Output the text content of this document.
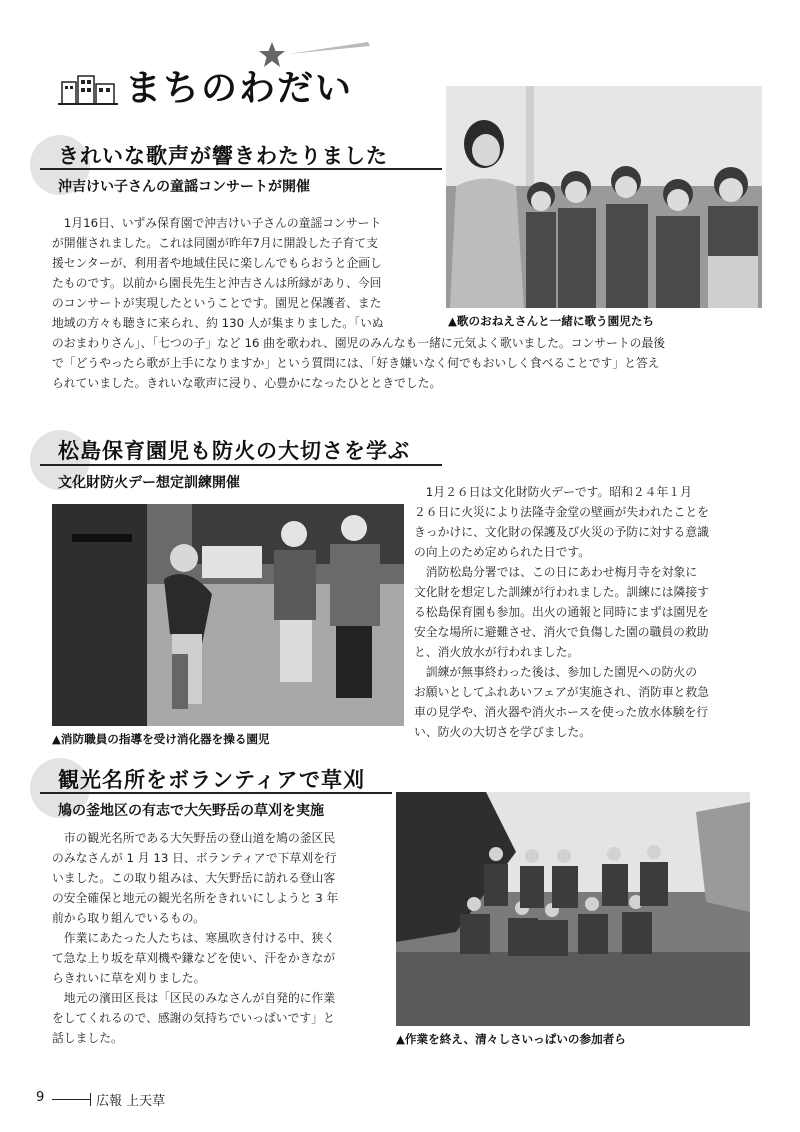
まちのわだい
きれいな歌声が響きわたりました
沖吉けい子さんの童謡コンサートが開催
1月16日、いずみ保育園で沖吉けい子さんの童謡コンサート
が開催されました。これは同園が昨年7月に開設した子育て支
援センターが、利用者や地域住民に楽しんでもらおうと企画し
たものです。以前から園長先生と沖吉さんは所縁があり、今回
のコンサートが実現したということです。園児と保護者、また
地域の方々も聴きに来られ、約 130 人が集まりました。「いぬ	▲歌のおねえさんと一緒に歌う園児たち
のおまわりさん」、「七つの子」など 16 曲を歌われ、園児のみんなも一緒に元気よく歌いました。コンサートの最後
で「どうやったら歌が上手になりますか」という質問には、「好き嫌いなく何でもおいしく食べることです」と答え
られていました。きれいな歌声に浸り、心豊かになったひとときでした。
松島保育園児も防火の大切さを学ぶ
文化財防火デー想定訓練開催
▲消防職員の指導を受け消化器を操る園児
1月２６日は文化財防火デーです。昭和２４年１月
２６日に火災により法隆寺金堂の壁画が失われたことを
きっかけに、文化財の保護及び火災の予防に対する意識
の向上のため定められた日です。
消防松島分署では、この日にあわせ梅月寺を対象に
文化財を想定した訓練が行われました。訓練には隣接す
る松島保育園も参加。出火の通報と同時にまずは園児を
安全な場所に避難させ、消火で負傷した園の職員の救助
と、消火放水が行われました。
訓練が無事終わった後は、参加した園児への防火の
お願いとしてふれあいフェアが実施され、消防車と救急
車の見学や、消火器や消火ホースを使った放水体験を行
い、防火の大切さを学びました。
観光名所をボランティアで草刈
鳩の釜地区の有志で大矢野岳の草刈を実施
市の観光名所である大矢野岳の登山道を鳩の釜区民
のみなさんが 1 月 13 日、ボランティアで下草刈を行
いました。この取り組みは、大矢野岳に訪れる登山客
の安全確保と地元の観光名所をきれいにしようと 3 年
前から取り組んでいるもの。
作業にあたった人たちは、寒風吹き付ける中、狭く
て急な上り坂を草刈機や鎌などを使い、汗をかきなが
らきれいに草を刈りました。
地元の濱田区長は「区民のみなさんが自発的に作業
をしてくれるので、感謝の気持ちでいっぱいです」と
話しました。	▲作業を終え、清々しさいっぱいの参加者ら
9	広報 上天草
